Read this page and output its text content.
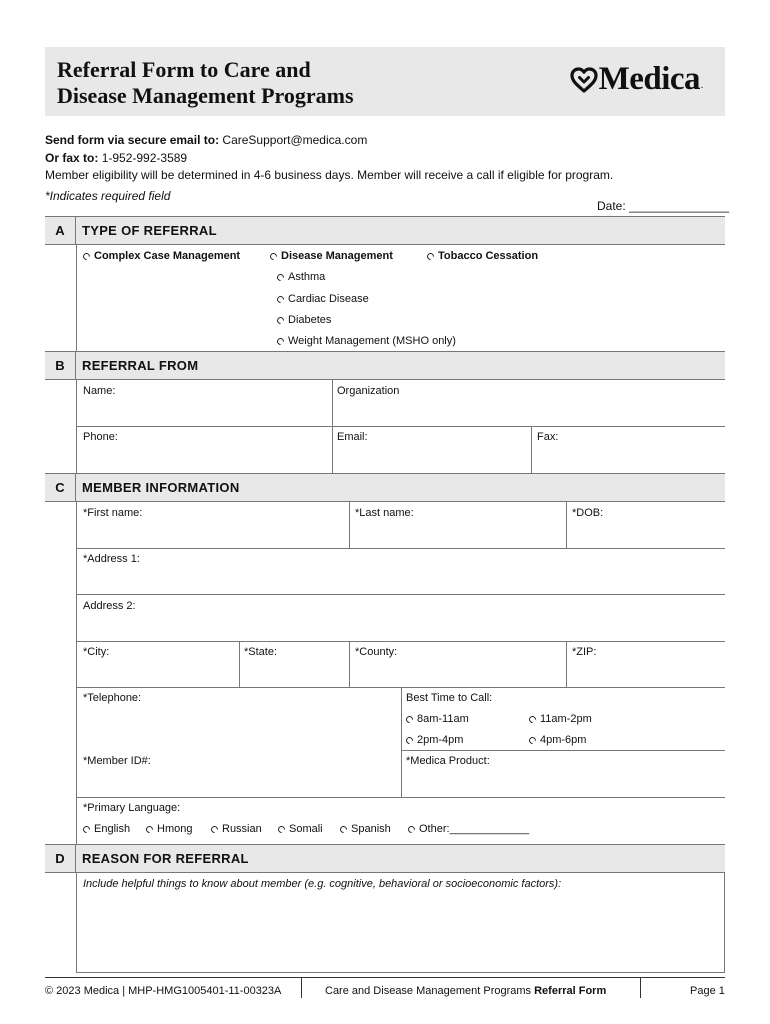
Referral Form to Care and
Disease Management Programs	Medica .
Send form via secure email to: CareSupport@medica.com
Or fax to: 1-952-992-3589
Member eligibility will be determined in 4-6 business days. Member will receive a call if eligible for program.
*Indicates required field
Date: _______________
A	TYPE OF REFERRAL
Complex Case Management	Disease Management	Tobacco Cessation
Asthma
Cardiac Disease
Diabetes
Weight Management (MSHO only)
B	REFERRAL FROM
Name:	Organization
Phone:	Email:	Fax:
C	MEMBER INFORMATION
*First name:	*Last name:	*DOB:
*Address 1:
Address 2:
*City:	*State:	*County:	*ZIP:
*Telephone:	Best Time to Call:
8am-11am	11am-2pm
2pm-4pm	4pm-6pm
*Member ID#:	*Medica Product:
*Primary Language:
English Hmong	Russian Somali	Spanish	Other:_____________
D	REASON FOR REFERRAL
Include helpful things to know about member (e.g. cognitive, behavioral or socioeconomic factors):
© 2023 Medica | MHP-HMG1005401-11-00323A	Care and Disease Management Programs Referral Form	Page 1
